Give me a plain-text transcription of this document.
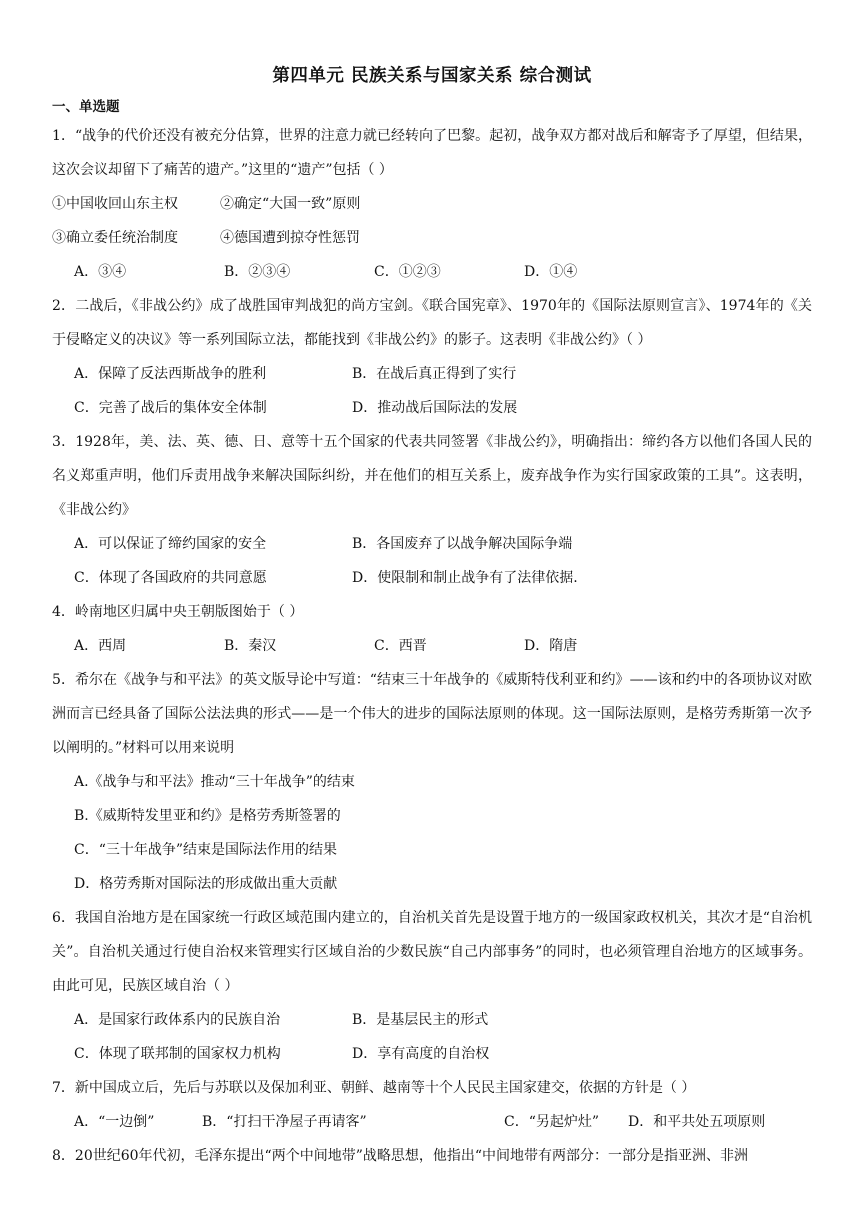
第四单元 民族关系与国家关系 综合测试
一、单选题
1．“战争的代价还没有被充分估算，世界的注意力就已经转向了巴黎。起初，战争双方都对战后和解寄予了厚望，但结果，这次会议却留下了痛苦的遗产。”这里的“遗产”包括（ ）
①中国收回山东主权	②确定“大国一致”原则
③确立委任统治制度	④德国遭到掠夺性惩罚
A．③④	B．②③④	C．①②③	D．①④
2．二战后，《非战公约》成了战胜国审判战犯的尚方宝剑。《联合国宪章》、1970年的《国际法原则宣言》、1974年的《关于侵略定义的决议》等一系列国际立法，都能找到《非战公约》的影子。这表明《非战公约》（ ）
A．保障了反法西斯战争的胜利	B．在战后真正得到了实行
C．完善了战后的集体安全体制	D．推动战后国际法的发展
3．1928年，美、法、英、德、日、意等十五个国家的代表共同签署《非战公约》，明确指出：缔约各方以他们各国人民的名义郑重声明，他们斥责用战争来解决国际纠纷，并在他们的相互关系上，废弃战争作为实行国家政策的工具”。这表明，《非战公约》
A．可以保证了缔约国家的安全	B．各国废弃了以战争解决国际争端
C．体现了各国政府的共同意愿	D．使限制和制止战争有了法律依据.
4．岭南地区归属中央王朝版图始于（ ）
A．西周	B．秦汉	C．西晋	D．隋唐
5．希尔在《战争与和平法》的英文版导论中写道：“结束三十年战争的《威斯特伐利亚和约》——该和约中的各项协议对欧洲而言已经具备了国际公法法典的形式——是一个伟大的进步的国际法原则的体现。这一国际法原则，是格劳秀斯第一次予以阐明的。”材料可以用来说明
A.《战争与和平法》推动“三十年战争”的结束
B.《威斯特发里亚和约》是格劳秀斯签署的
C．“三十年战争”结束是国际法作用的结果
D．格劳秀斯对国际法的形成做出重大贡献
6．我国自治地方是在国家统一行政区域范围内建立的，自治机关首先是设置于地方的一级国家政权机关，其次才是“自治机关”。自治机关通过行使自治权来管理实行区域自治的少数民族“自己内部事务”的同时，也必须管理自治地方的区域事务。由此可见，民族区域自治（ ）
A．是国家行政体系内的民族自治	B．是基层民主的形式
C．体现了联邦制的国家权力机构	D．享有高度的自治权
7．新中国成立后，先后与苏联以及保加利亚、朝鲜、越南等十个人民民主国家建交，依据的方针是（ ）
A．“一边倒”	B．“打扫干净屋子再请客”	C．“另起炉灶” D．和平共处五项原则
8．20世纪60年代初，毛泽东提出“两个中间地带”战略思想，他指出“中间地带有两部分：一部分是指亚洲、非洲
